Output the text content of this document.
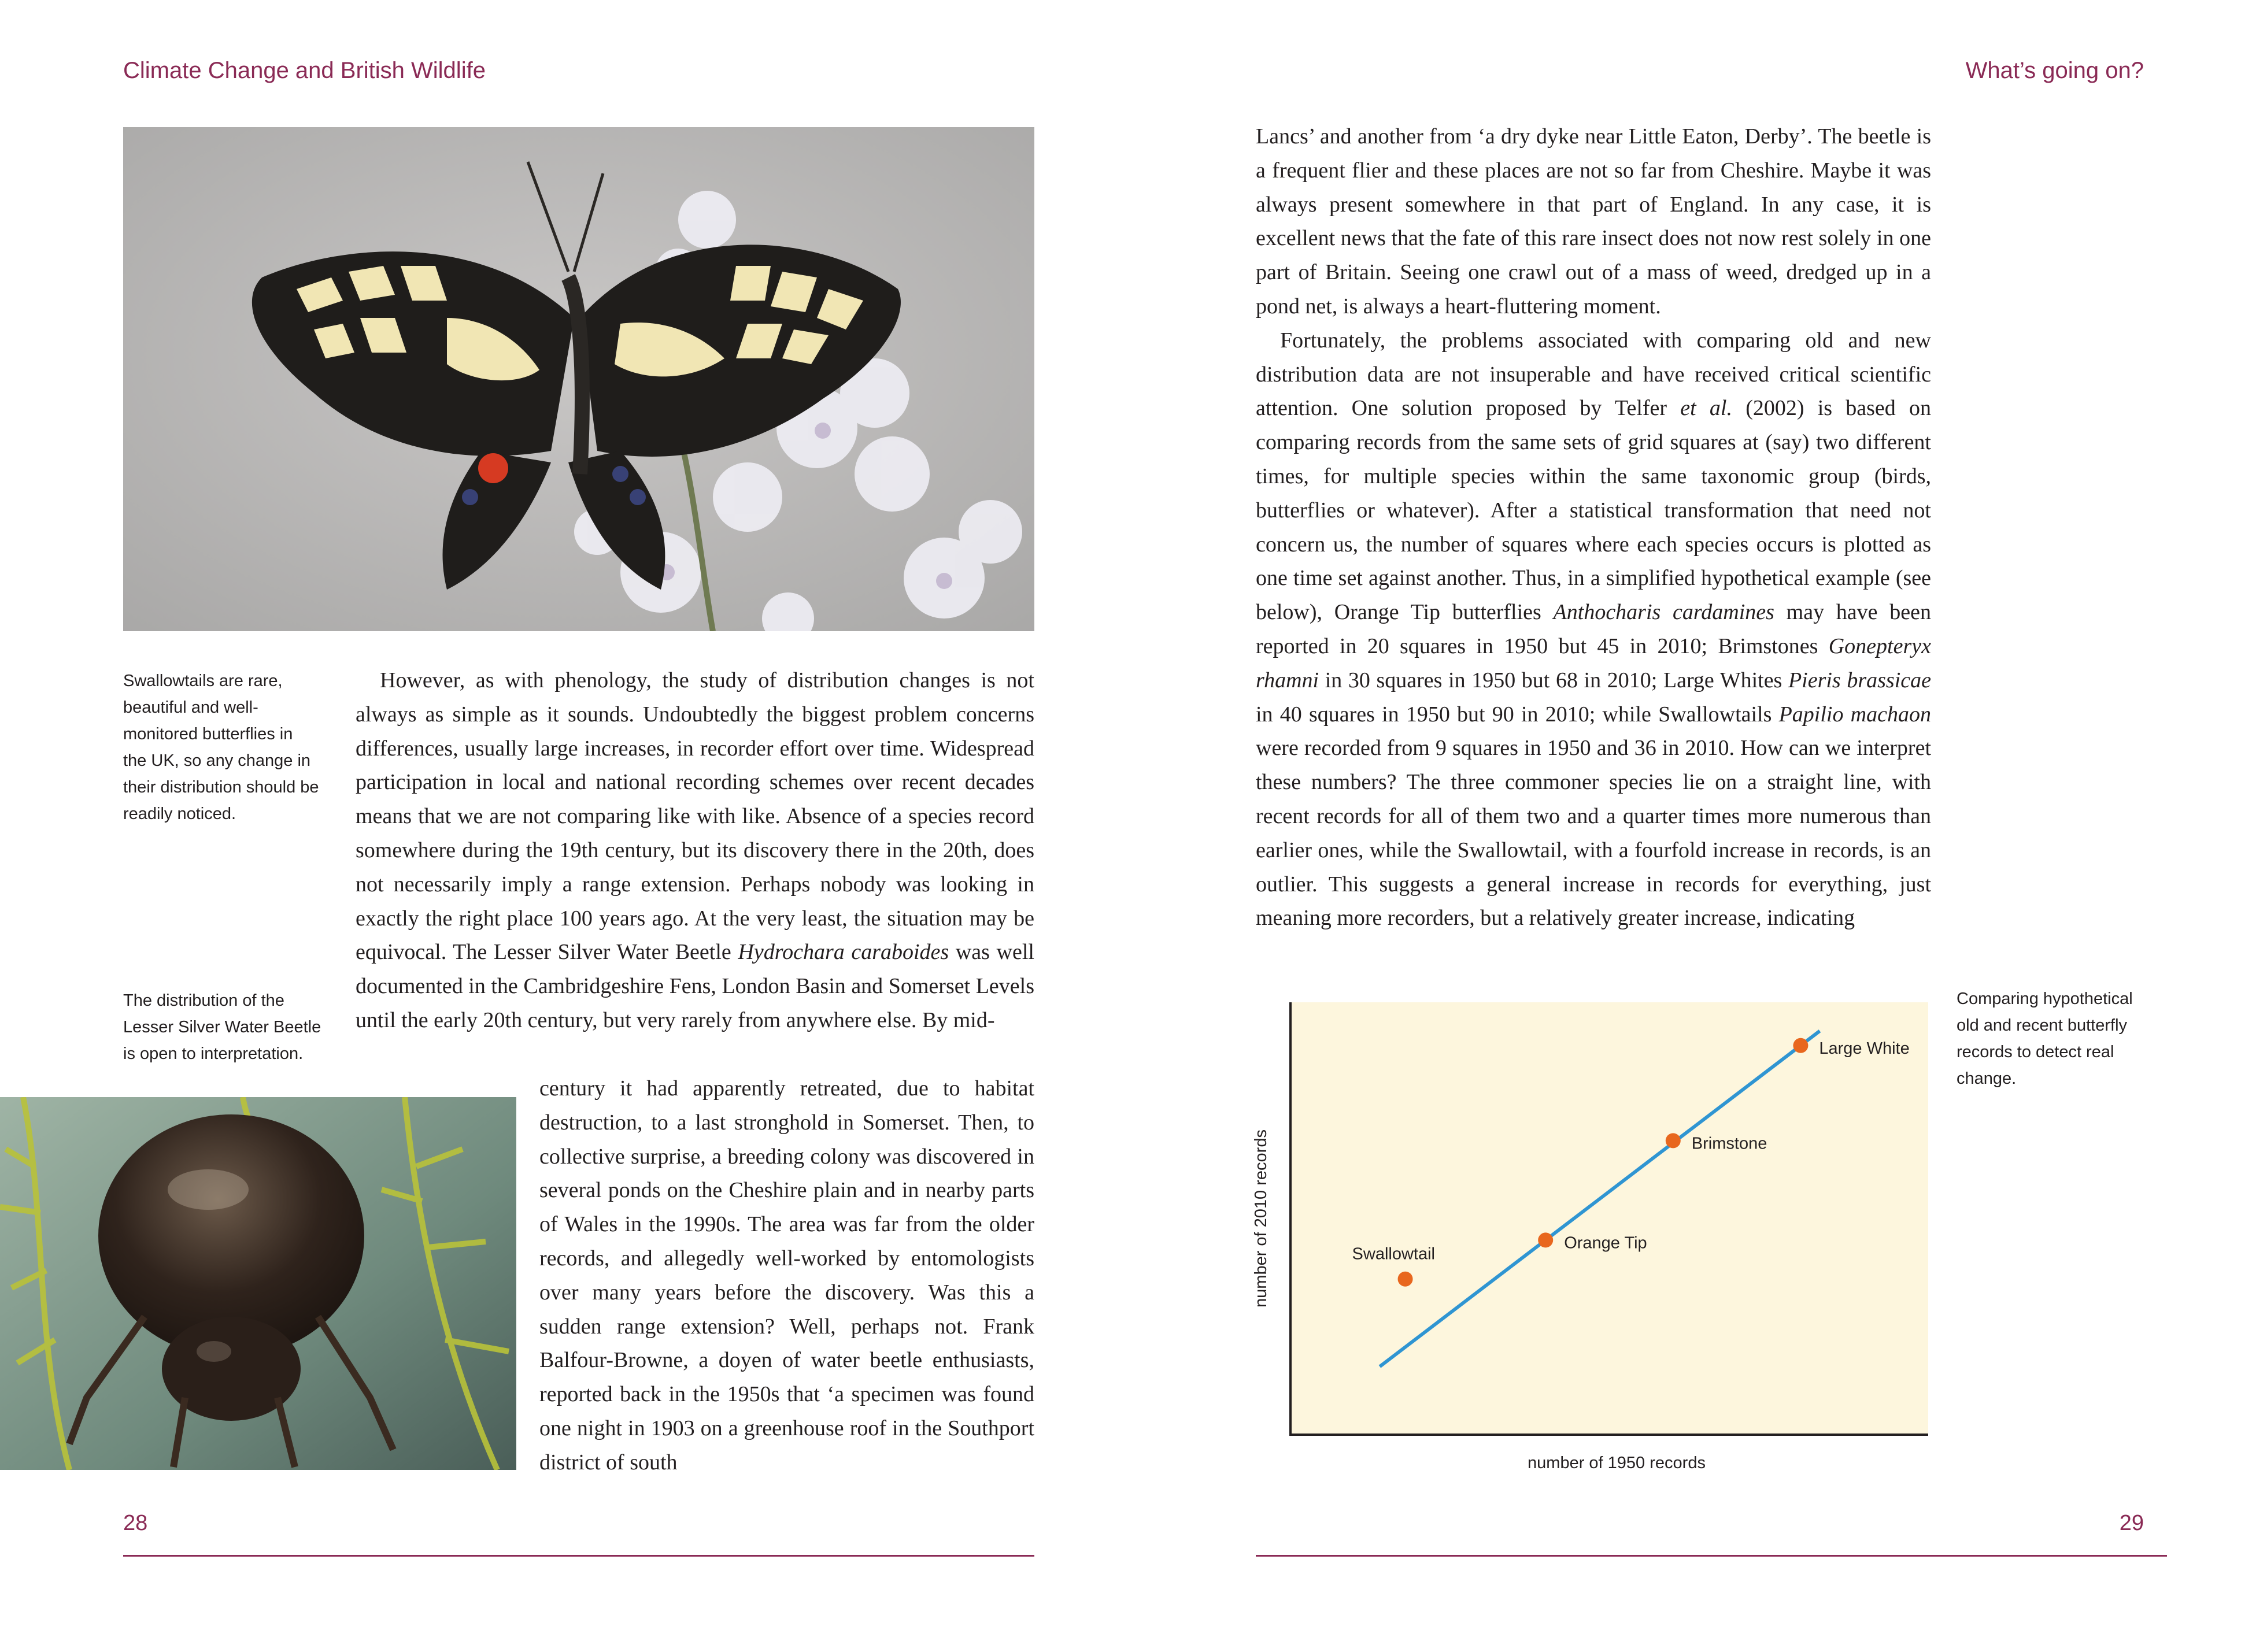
Climate Change and British Wildlife	What’s going on?
Swallowtails are rare, beautiful and well-monitored butterflies in the UK, so any change in their distribution should be readily noticed.
The distribution of the Lesser Silver Water Beetle is open to interpretation.

However, as with phenology, the study of distribution changes is not always as simple as it sounds. Undoubtedly the biggest problem concerns differences, usually large increases, in recorder effort over time. Widespread participation in local and national recording schemes over recent decades means that we are not comparing like with like. Absence of a species record somewhere during the 19th century, but its discovery there in the 20th, does not necessarily imply a range extension. Perhaps nobody was looking in exactly the right place 100 years ago. At the very least, the situation may be equivocal. The Lesser Silver Water Beetle Hydrochara caraboides was well documented in the Cambridgeshire Fens, London Basin and Somerset Levels until the early 20th century, but very rarely from anywhere else. By mid-

century it had apparently retreated, due to habitat destruction, to a last stronghold in Somerset. Then, to collective surprise, a breeding colony was discovered in several ponds on the Cheshire plain and in nearby parts of Wales in the 1990s. The area was far from the older records, and allegedly well-worked by entomologists over many years before the discovery. Was this a sudden range extension? Well, perhaps not. Frank Balfour-Browne, a doyen of water beetle enthusiasts, reported back in the 1950s that ‘a specimen was found one night in 1903 on a greenhouse roof in the Southport district of south

Lancs’ and another from ‘a dry dyke near Little Eaton, Derby’. The beetle is a frequent flier and these places are not so far from Cheshire. Maybe it was always present somewhere in that part of England. In any case, it is excellent news that the fate of this rare insect does not now rest solely in one part of Britain. Seeing one crawl out of a mass of weed, dredged up in a pond net, is always a heart-fluttering moment.

Fortunately, the problems associated with comparing old and new distribution data are not insuperable and have received critical scientific attention. One solution proposed by Telfer et al. (2002) is based on comparing records from the same sets of grid squares at (say) two different times, for multiple species within the same taxonomic group (birds, butterflies or whatever). After a statistical transformation that need not concern us, the number of squares where each species occurs is plotted as one time set against another. Thus, in a simplified hypothetical example (see below), Orange Tip butterflies Anthocharis cardamines may have been reported in 20 squares in 1950 but 45 in 2010; Brimstones Gonepteryx rhamni in 30 squares in 1950 but 68 in 2010; Large Whites Pieris brassicae in 40 squares in 1950 but 90 in 2010; while Swallowtails Papilio machaon were recorded from 9 squares in 1950 and 36 in 2010. How can we interpret these numbers? The three commoner species lie on a straight line, with recent records for all of them two and a quarter times more numerous than earlier ones, while the Swallowtail, with a fourfold increase in records, is an outlier. This suggests a general increase in records for everything, just meaning more recorders, but a relatively greater increase, indicating

Swallowtail
Orange Tip
Brimstone
Large White
number of 1950 records
number of 2010 records
Comparing hypothetical old and recent butterfly records to detect real change.
28	29
